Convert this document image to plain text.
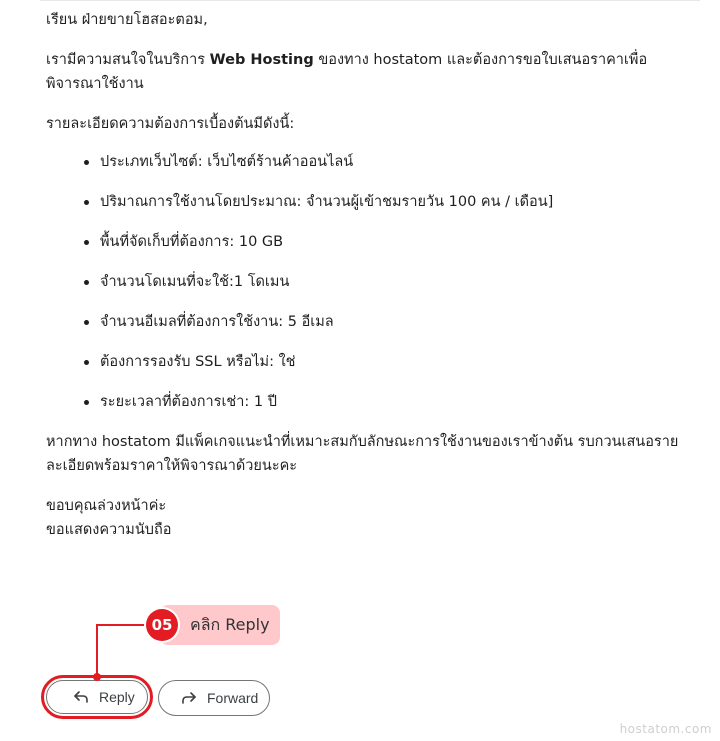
เรียน ฝ่ายขายโฮสอะตอม,

เรามีความสนใจในบริการ Web Hosting ของทาง hostatom และต้องการขอใบเสนอราคาเพื่อพิจารณาใช้งาน

รายละเอียดความต้องการเบื้องต้นมีดังนี้:

ประเภทเว็บไซต์: เว็บไซต์ร้านค้าออนไลน์
ปริมาณการใช้งานโดยประมาณ: จำนวนผู้เข้าชมรายวัน 100 คน / เดือน]
พื้นที่จัดเก็บที่ต้องการ: 10 GB
จำนวนโดเมนที่จะใช้:1 โดเมน
จำนวนอีเมลที่ต้องการใช้งาน: 5 อีเมล
ต้องการรองรับ SSL หรือไม่: ใช่
ระยะเวลาที่ต้องการเช่า: 1 ปี

หากทาง hostatom มีแพ็คเกจแนะนำที่เหมาะสมกับลักษณะการใช้งานของเราข้างต้น รบกวนเสนอรายละเอียดพร้อมราคาให้พิจารณาด้วยนะคะ

ขอบคุณล่วงหน้าค่ะ

ขอแสดงความนับถือ

คลิก Reply
05
Reply	Forward
hostatom.com
